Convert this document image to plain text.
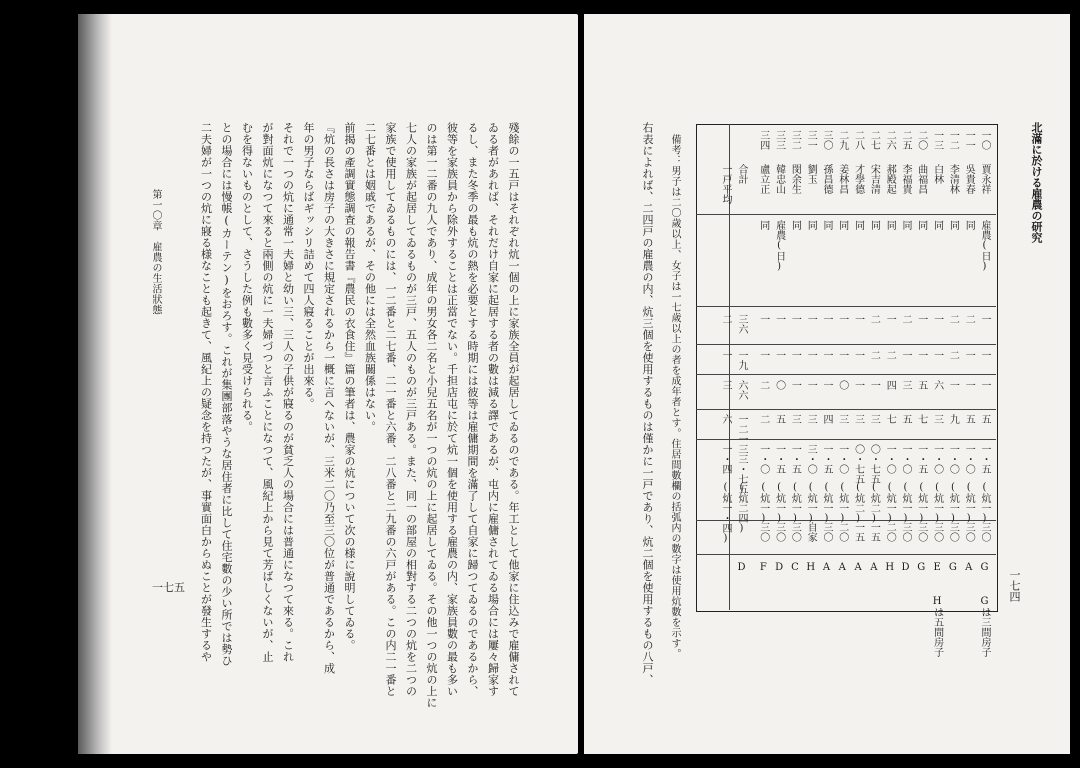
殘餘の一五戸はそれぞれ炕一個の上に家族全員が起居してゐるのである。年工として他家に住込みで雇傭されて
ゐる者があれば、それだけ自家に起居する者の數は減る譯であるが、屯内に雇傭されてゐる場合には屢々歸家す
るし、また冬季の最も炕の熱を必要とする時期には彼等は雇傭期間を滿了して自家に歸つてゐるのであるから、
彼等を家族員から除外することは正當でない。千担店屯に於て炕一個を使用する雇農の内、家族員數の最も多い
のは第一二番の九人であり、成年の男女各二名と小兒五名が一つの炕の上に起居してゐる。その他一つの炕の上に
七人の家族が起居してゐるものが三戸、五人のものが三戸ある。また、同一の部屋の相對する二つの炕を二つの
家族で使用してゐるものには、一二番と二七番、二一番と六番、二八番と二九番の六戸がある。この内二一番と
二七番とは姻戚であるが、その他には全然血族關係はない。
前揭の產調實態調査の報告書『農民の衣食住』篇の筆者は、農家の炕について次の様に說明してゐる。
『炕の長さは房子の大きさに規定されるから一概に言へないが、三米二〇乃至三〇位が普通であるから、成
年の男子ならばギッシリ詰めて四人寢ることが出來る。
それで一つの炕に通常一夫婦と幼い三、三人の子供が寢るのが貧乏人の場合には普通になつて來る。これ
が對面炕になつて來ると兩側の炕に一夫婦づつと言ふことになつて、風紀上から見て芳ばしくないが、止
むを得ないものとして、さうした例も數多く見受けられる。
との場合には慢帳(カーテン)をおろす。これが集團部落やうな居住者に比して住宅數の少い所では勢ひ
二夫婦が一つの炕に寢る様なことも起きて、風紀上の疑念を持つたが、事實面白からぬことが發生するや
第一〇章　雇農の生活狀態
一七五
北滿に於ける雇農の研究
一七四
一〇
賈永祥
雇農(日)
一
一
一
五
一・五
(炕一)
三〇
G
Gは三間房子
一一
吳貴春
同
二
一
一
五
一・〇
(炕一)
三〇
A
一二
李清林
同
二
二
一
九
一・〇
(炕一)
三〇
G
一三
白林
同
一
一
六
三
一・〇
(炕一)
三〇
E
Hは五間房子
二〇
曲福昌
同
一
一
五
七
一・五
(炕一)
三〇
G
二五
李福貴
同
二
一
三
五
一・〇
(炕一)
三〇
D
二六
郝殿起
同
一
二
四
七
一・〇
(炕一)
二〇
H
二七
宋吉清
同
二
二
一
三
〇・七五
(炕二)
一五
A
二八
才學德
同
一
一
一
三
〇・七五
(炕二)
一五
A
二九
姜林昌
同
一
一
〇
三
一・〇
(炕一)
二〇
A
三〇
孫昌德
同
一
一
一
四
一・五
(炕一)
三〇
A
三一
劉玉
同
一
一
一
三
三・〇
(炕一)
自家
H
三二
閔余生
同
一
一
一
三
一・五
(炕一)
三〇
C
三三
韓忠山
雇農(日)
一
一
〇
五
一・五
(炕一)
三〇
D
三四
盧立正
同
一
一
二
二
一・〇
(炕一)
三〇
F
合計
一戸平均
三六
一九
六六
一二一
三三・七五
(炕二四)
二
一
三
六
一・四
(炕一・四)
D
備考：男子は二〇歲以上、女子は一七歲以上の者を成年者とす。住居間數欄の括弧内の數字は使用炕數を示す。
右表によれば、二四戸の雇農の内、炕三個を使用するものは僅かに一戸であり、炕二個を使用するもの八戸、
